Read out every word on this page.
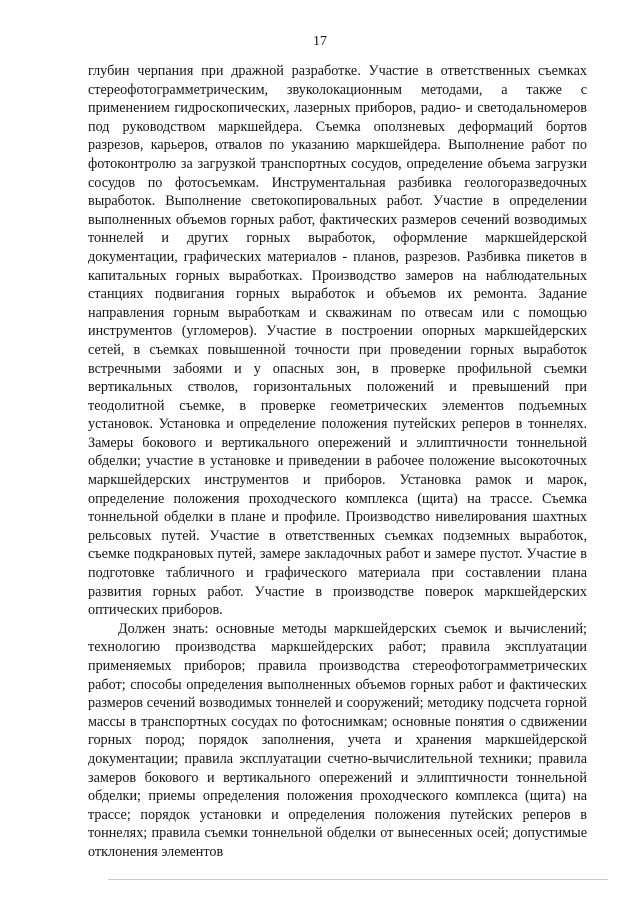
17

глубин черпания при дражной разработке. Участие в ответственных съемках стереофотограмметрическим, звуколокационным методами, а также с применением гидроскопических, лазерных приборов, радио- и светодальномеров под руководством маркшейдера. Съемка оползневых деформаций бортов разрезов, карьеров, отвалов по указанию маркшейдера. Выполнение работ по фотоконтролю за загрузкой транспортных сосудов, определение объема загрузки сосудов по фотосъемкам. Инструментальная разбивка геологоразведочных выработок. Выполнение светокопировальных работ. Участие в определении выполненных объемов горных работ, фактических размеров сечений возводимых тоннелей и других горных выработок, оформление маркшейдерской документации, графических материалов - планов, разрезов. Разбивка пикетов в капитальных горных выработках. Производство замеров на наблюдательных станциях подвигания горных выработок и объемов их ремонта. Задание направления горным выработкам и скважинам по отвесам или с помощью инструментов (угломеров). Участие в построении опорных маркшейдерских сетей, в съемках повышенной точности при проведении горных выработок встречными забоями и у опасных зон, в проверке профильной съемки вертикальных стволов, горизонтальных положений и превышений при теодолитной съемке, в проверке геометрических элементов подъемных установок. Установка и определение положения путейских реперов в тоннелях. Замеры бокового и вертикального опережений и эллиптичности тоннельной обделки; участие в установке и приведении в рабочее положение высокоточных маркшейдерских инструментов и приборов. Установка рамок и марок, определение положения проходческого комплекса (щита) на трассе. Съемка тоннельной обделки в плане и профиле. Производство нивелирования шахтных рельсовых путей. Участие в ответственных съемках подземных выработок, съемке подкрановых путей, замере закладочных работ и замере пустот. Участие в подготовке табличного и графического материала при составлении плана развития горных работ. Участие в производстве поверок маркшейдерских оптических приборов.

Должен знать: основные методы маркшейдерских съемок и вычислений; технологию производства маркшейдерских работ; правила эксплуатации применяемых приборов; правила производства стереофотограмметрических работ; способы определения выполненных объемов горных работ и фактических размеров сечений возводимых тоннелей и сооружений; методику подсчета горной массы в транспортных сосудах по фотоснимкам; основные понятия о сдвижении горных пород; порядок заполнения, учета и хранения маркшейдерской документации; правила эксплуатации счетно-вычислительной техники; правила замеров бокового и вертикального опережений и эллиптичности тоннельной обделки; приемы определения положения проходческого комплекса (щита) на трассе; порядок установки и определения положения путейских реперов в тоннелях; правила съемки тоннельной обделки от вынесенных осей; допустимые отклонения элементов
